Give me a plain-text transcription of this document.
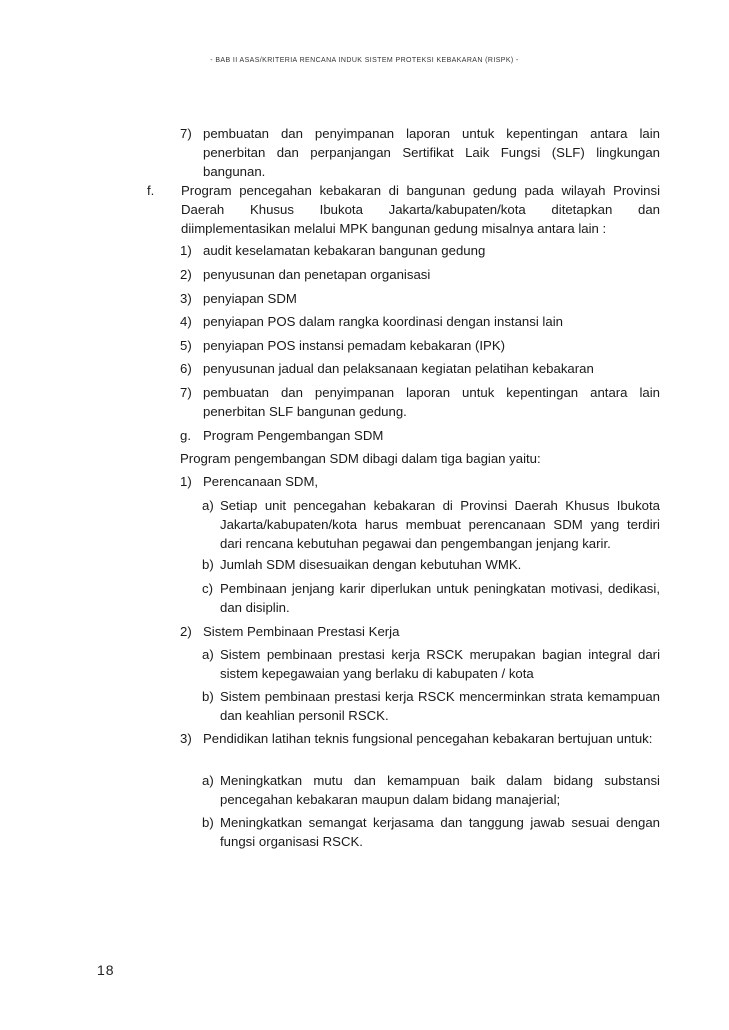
- BAB II ASAS/KRITERIA RENCANA INDUK SISTEM PROTEKSI KEBAKARAN (RISPK) -
7) pembuatan dan penyimpanan laporan untuk kepentingan antara lain penerbitan dan perpanjangan Sertifikat Laik Fungsi (SLF) lingkungan bangunan.
f. Program pencegahan kebakaran di bangunan gedung pada wilayah Provinsi Daerah Khusus Ibukota Jakarta/kabupaten/kota ditetapkan dan diimplementasikan melalui MPK bangunan gedung misalnya antara lain :
1) audit keselamatan kebakaran bangunan gedung
2) penyusunan dan penetapan organisasi
3) penyiapan SDM
4) penyiapan POS dalam rangka koordinasi dengan instansi lain
5) penyiapan POS instansi pemadam kebakaran (IPK)
6) penyusunan jadual dan pelaksanaan kegiatan pelatihan kebakaran
7) pembuatan dan penyimpanan laporan untuk kepentingan antara lain penerbitan SLF bangunan gedung.
g. Program Pengembangan SDM
Program pengembangan SDM dibagi dalam tiga bagian yaitu:
1) Perencanaan SDM,
a) Setiap unit pencegahan kebakaran di Provinsi Daerah Khusus Ibukota Jakarta/kabupaten/kota harus membuat perencanaan SDM yang terdiri dari rencana kebutuhan pegawai dan pengembangan jenjang karir.
b) Jumlah SDM disesuaikan dengan kebutuhan WMK.
c) Pembinaan jenjang karir diperlukan untuk peningkatan motivasi, dedikasi, dan disiplin.
2) Sistem Pembinaan Prestasi Kerja
a) Sistem pembinaan prestasi kerja RSCK merupakan bagian integral dari sistem kepegawaian yang berlaku di kabupaten / kota
b) Sistem pembinaan prestasi kerja RSCK mencerminkan strata kemampuan dan keahlian personil RSCK.
3) Pendidikan latihan teknis fungsional pencegahan kebakaran bertujuan untuk:
a) Meningkatkan mutu dan kemampuan baik dalam bidang substansi pencegahan kebakaran maupun dalam bidang manajerial;
b) Meningkatkan semangat kerjasama dan tanggung jawab sesuai dengan fungsi organisasi RSCK.
18
